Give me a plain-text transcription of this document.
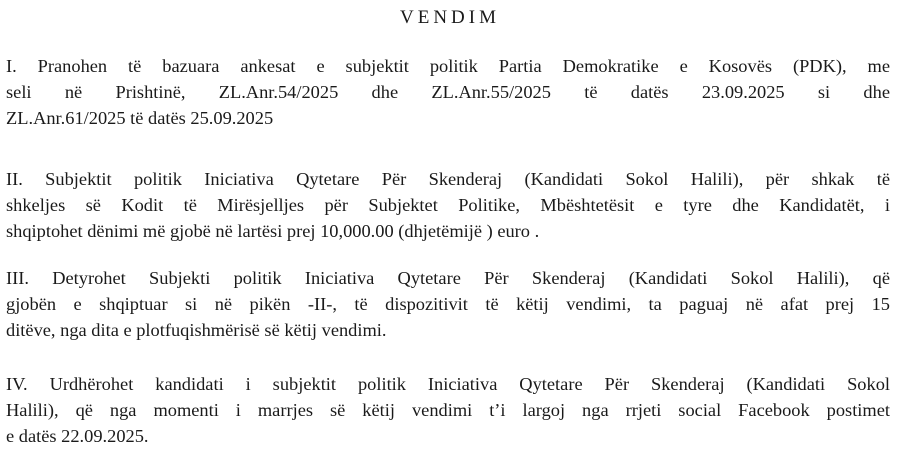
VENDIM
I. Pranohen të bazuara ankesat e subjektit politik Partia Demokratike e Kosovës (PDK), me
seli në Prishtinë, ZL.Anr.54/2025 dhe ZL.Anr.55/2025 të datës 23.09.2025 si dhe
ZL.Anr.61/2025 të datës 25.09.2025
II. Subjektit politik Iniciativa Qytetare Për Skenderaj (Kandidati Sokol Halili), për shkak të
shkeljes së Kodit të Mirësjelljes për Subjektet Politike, Mbështetësit e tyre dhe Kandidatët, i
shqiptohet dënimi më gjobë në lartësi prej 10,000.00 (dhjetëmijë ) euro .
III. Detyrohet Subjekti politik Iniciativa Qytetare Për Skenderaj (Kandidati Sokol Halili), që
gjobën e shqiptuar si në pikën -II-, të dispozitivit të këtij vendimi, ta paguaj në afat prej 15
ditëve, nga dita e plotfuqishmërisë së këtij vendimi.
IV. Urdhërohet kandidati i subjektit politik Iniciativa Qytetare Për Skenderaj (Kandidati Sokol
Halili), që nga momenti i marrjes së këtij vendimi t’i largoj nga rrjeti social Facebook postimet
e datës 22.09.2025.
